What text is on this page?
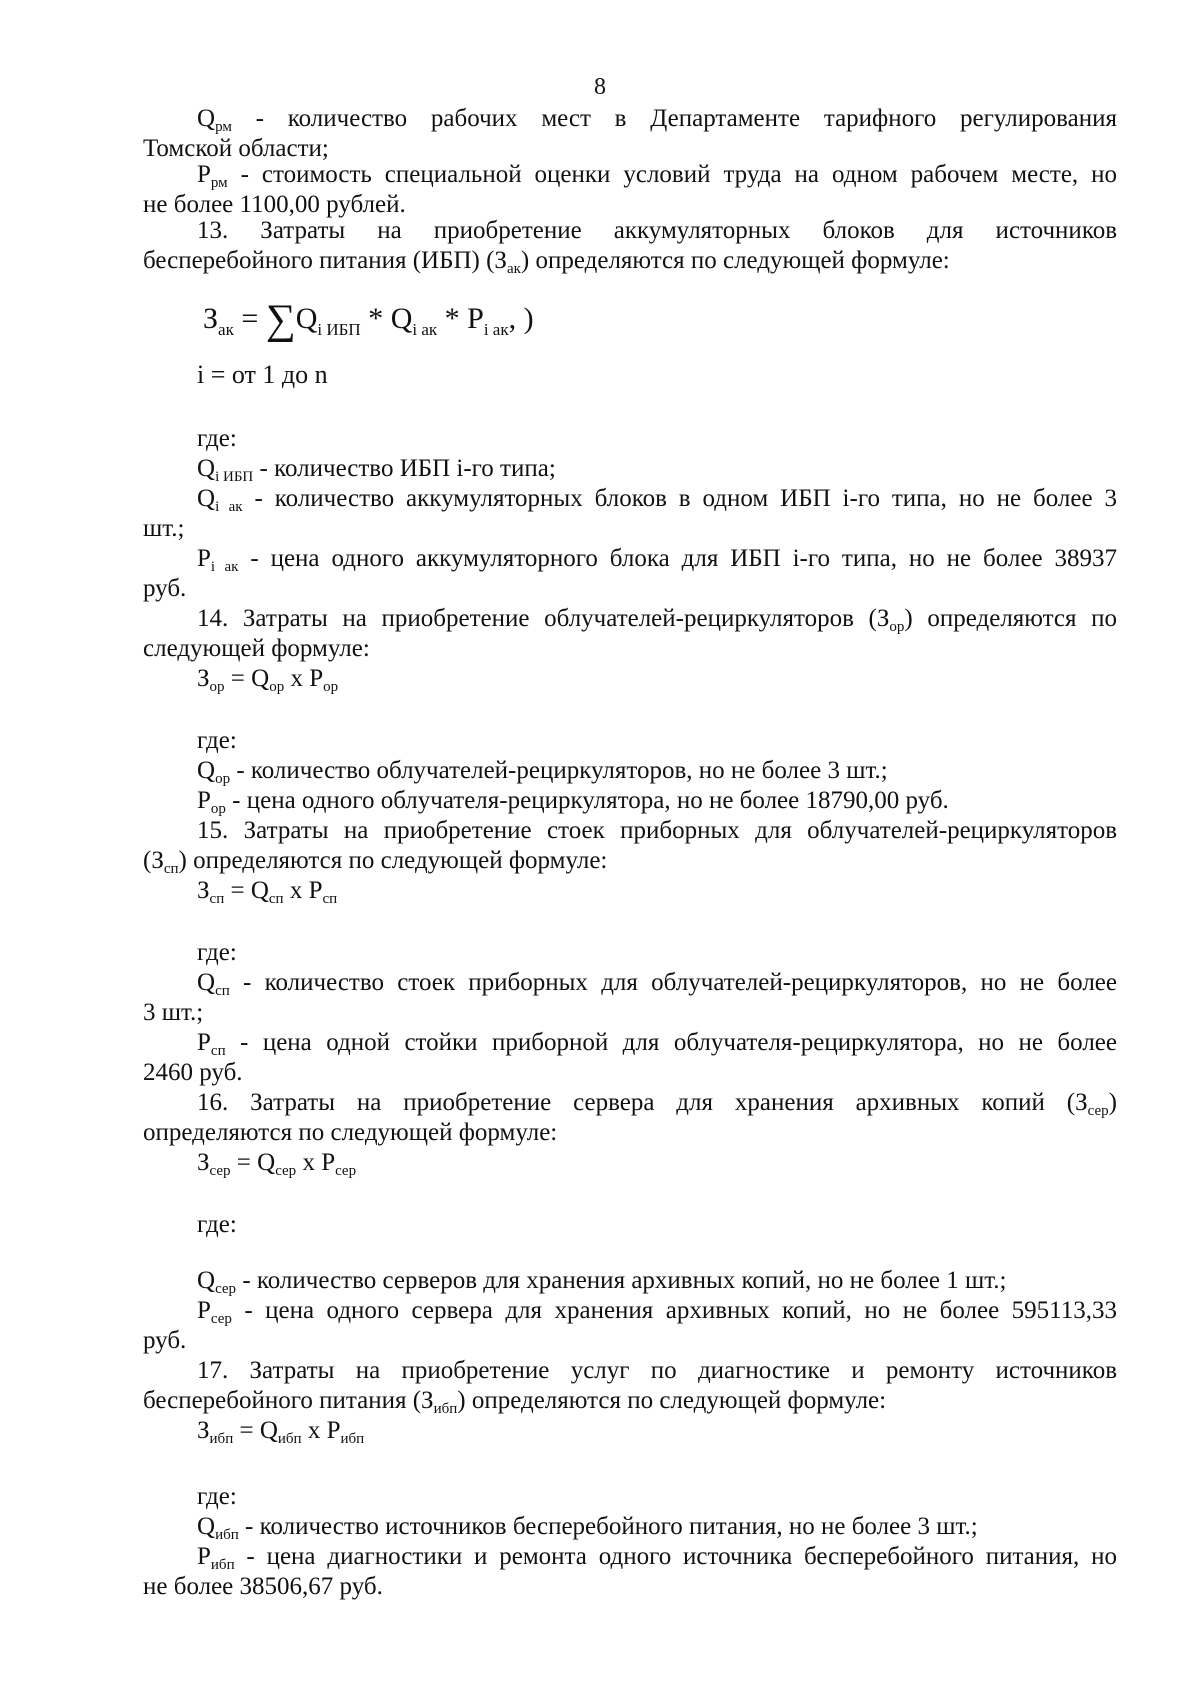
8
$Q_{рм}$ - количество рабочих мест в Департаменте тарифного регулирования
Томской области;
$P_{рм}$ - стоимость специальной оценки условий труда на одном рабочем месте, но
не более 1100,00 рублей.
13. Затраты на приобретение аккумуляторных блоков для источников
бесперебойного питания (ИБП) $(З_{ак})$ определяются по следующей формуле:
$З_{ак} = \sum Q_{i ИБП} * Q_{i ак} * P_{i ак}$, )
i = от 1 до n
где:
$Q_{i ИБП}$ - количество ИБП i-го типа;
$Q_{i ак}$ - количество аккумуляторных блоков в одном ИБП i-го типа, но не более 3
шт.;
$P_{i ак}$ - цена одного аккумуляторного блока для ИБП i-го типа, но не более 38937
руб.
14. Затраты на приобретение облучателей-рециркуляторов $(З_{ор})$ определяются по
следующей формуле:
$З_{ор} = Q_{ор}$ x $P_{ор}$
где:
$Q_{ор}$ - количество облучателей-рециркуляторов, но не более 3 шт.;
$P_{ор}$ - цена одного облучателя-рециркулятора, но не более 18790,00 руб.
15. Затраты на приобретение стоек приборных для облучателей-рециркуляторов
$(З_{сп})$ определяются по следующей формуле:
$З_{сп} = Q_{сп}$ x $P_{сп}$
где:
$Q_{сп}$ - количество стоек приборных для облучателей-рециркуляторов, но не более
3 шт.;
$P_{сп}$ - цена одной стойки приборной для облучателя-рециркулятора, но не более
2460 руб.
16. Затраты на приобретение сервера для хранения архивных копий $(З_{сер})$
определяются по следующей формуле:
$З_{сер} = Q_{сер}$ x $P_{сер}$
где:
$Q_{сер}$ - количество серверов для хранения архивных копий, но не более 1 шт.;
$P_{сер}$ - цена одного сервера для хранения архивных копий, но не более 595113,33
руб.
17. Затраты на приобретение услуг по диагностике и ремонту источников
бесперебойного питания $(З_{ибп})$ определяются по следующей формуле:
$З_{ибп} = Q_{ибп}$ x $P_{ибп}$
где:
$Q_{ибп}$ - количество источников бесперебойного питания, но не более 3 шт.;
$P_{ибп}$ - цена диагностики и ремонта одного источника бесперебойного питания, но
не более 38506,67 руб.
